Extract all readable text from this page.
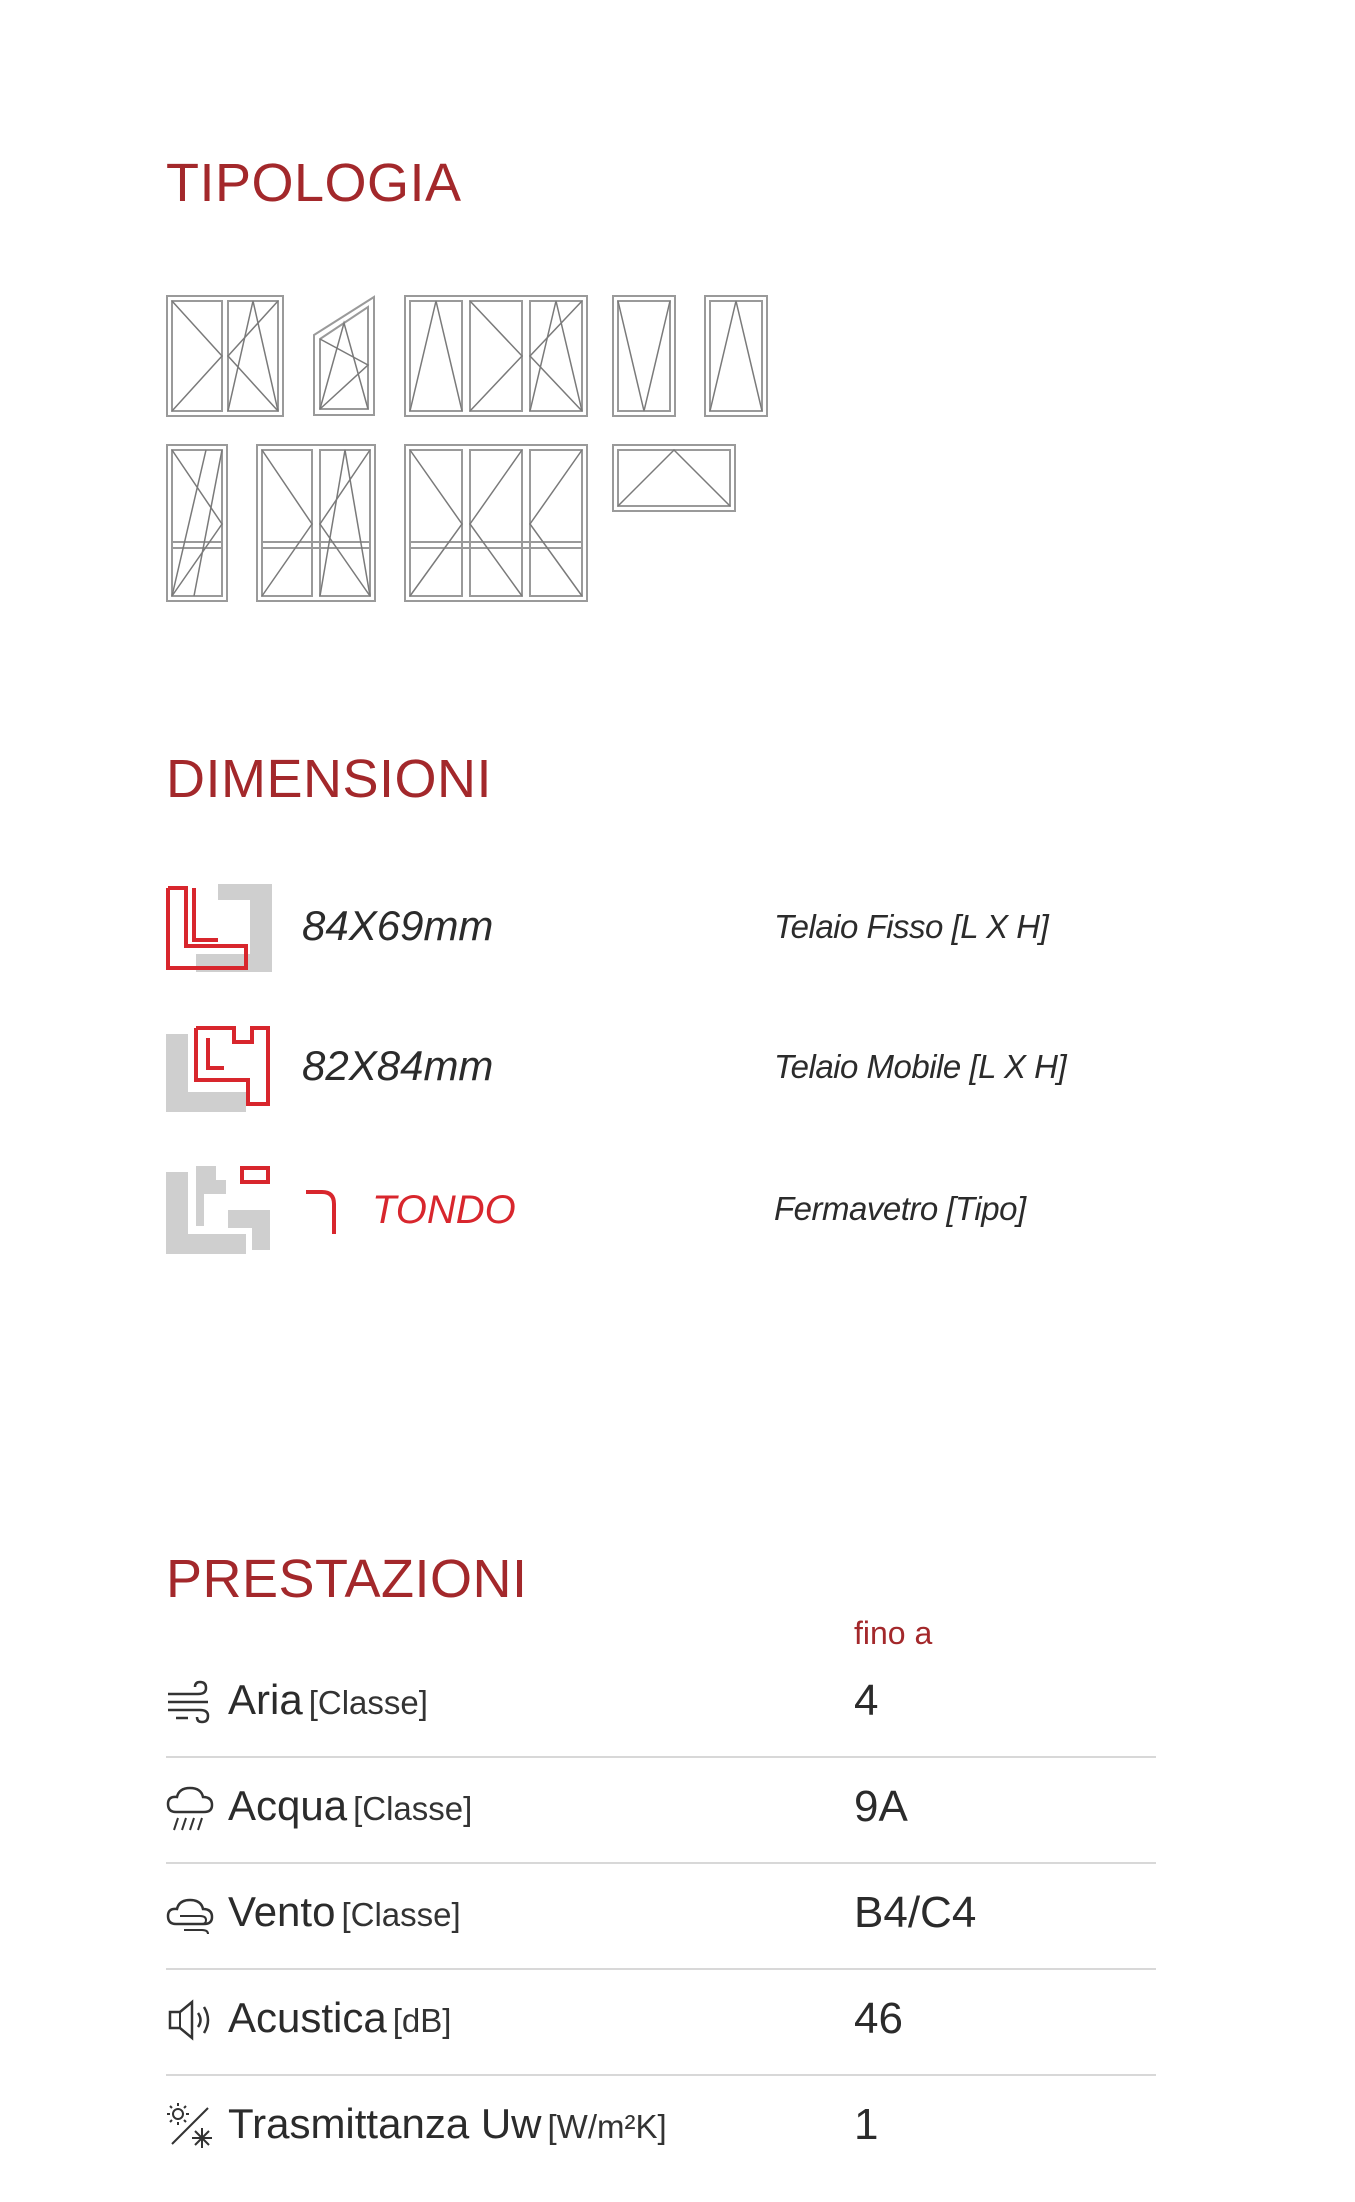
TIPOLOGIA
DIMENSIONI
84X69mm	Telaio Fisso [L X H]
82X84mm	Telaio Mobile [L X H]
TONDO	Fermavetro [Tipo]
PRESTAZIONI
fino a
Aria [Classe]	4
Acqua [Classe]	9A
Vento [Classe]	B4/C4
Acustica [dB]	46
Trasmittanza Uw [W/m²K]	1
